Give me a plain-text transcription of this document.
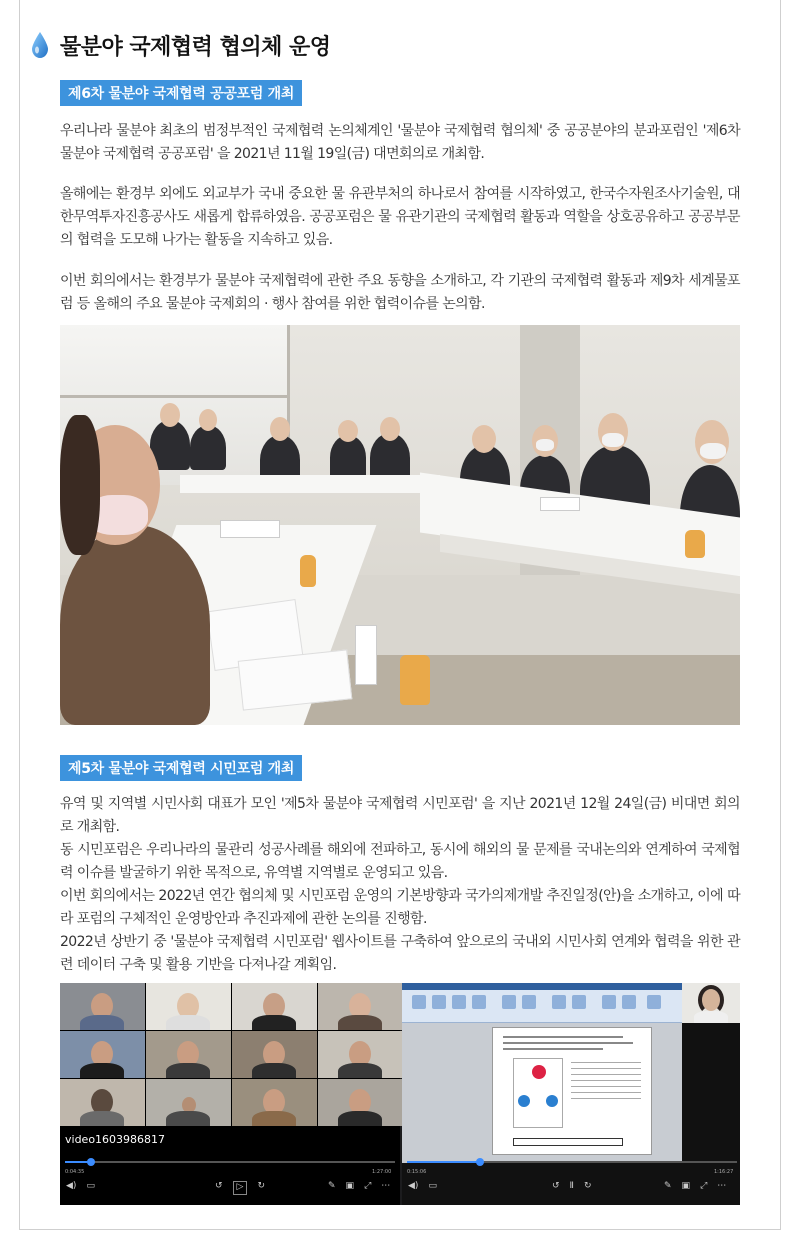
물분야 국제협력 협의체 운영
제6차 물분야 국제협력 공공포럼 개최

우리나라 물분야 최초의 범정부적인 국제협력 논의체계인 '물분야 국제협력 협의체' 중 공공분야의 분과포럼인 '제6차 물분야 국제협력 공공포럼' 을 2021년 11월 19일(금) 대면회의로 개최함.

올해에는 환경부 외에도 외교부가 국내 중요한 물 유관부처의 하나로서 참여를 시작하였고, 한국수자원조사기술원, 대한무역투자진흥공사도 새롭게 합류하였음. 공공포럼은 물 유관기관의 국제협력 활동과 역할을 상호공유하고 공공부문의 협력을 도모해 나가는 활동을 지속하고 있음.

이번 회의에서는 환경부가 물분야 국제협력에 관한 주요 동향을 소개하고, 각 기관의 국제협력 활동과 제9차 세계물포럼 등 올해의 주요 물분야 국제회의 · 행사 참여를 위한 협력이슈를 논의함.

제5차 물분야 국제협력 시민포럼 개최

유역 및 지역별 시민사회 대표가 모인 '제5차 물분야 국제협력 시민포럼' 을 지난 2021년 12월 24일(금) 비대면 회의로 개최함.

동 시민포럼은 우리나라의 물관리 성공사례를 해외에 전파하고, 동시에 해외의 물 문제를 국내논의와 연계하여 국제협력 이슈를 발굴하기 위한 목적으로, 유역별 지역별로 운영되고 있음.

이번 회의에서는 2022년 연간 협의체 및 시민포럼 운영의 기본방향과 국가의제개발 추진일정(안)을 소개하고, 이에 따라 포럼의 구체적인 운영방안과 추진과제에 관한 논의를 진행함.

2022년 상반기 중 '물분야 국제협력 시민포럼' 웹사이트를 구축하여 앞으로의 국내외 시민사회 연계와 협력을 위한 관련 데이터 구축 및 활용 기반을 다져나갈 계획임.

video1603986817
0:04:35	1:27:00
◀) ▭	↺	▷	↻	✎ ▣ ⤢ ⋯
0:15:06	1:16:27
◀) ▭	↺ Ⅱ ↻	✎ ▣ ⤢ ⋯
